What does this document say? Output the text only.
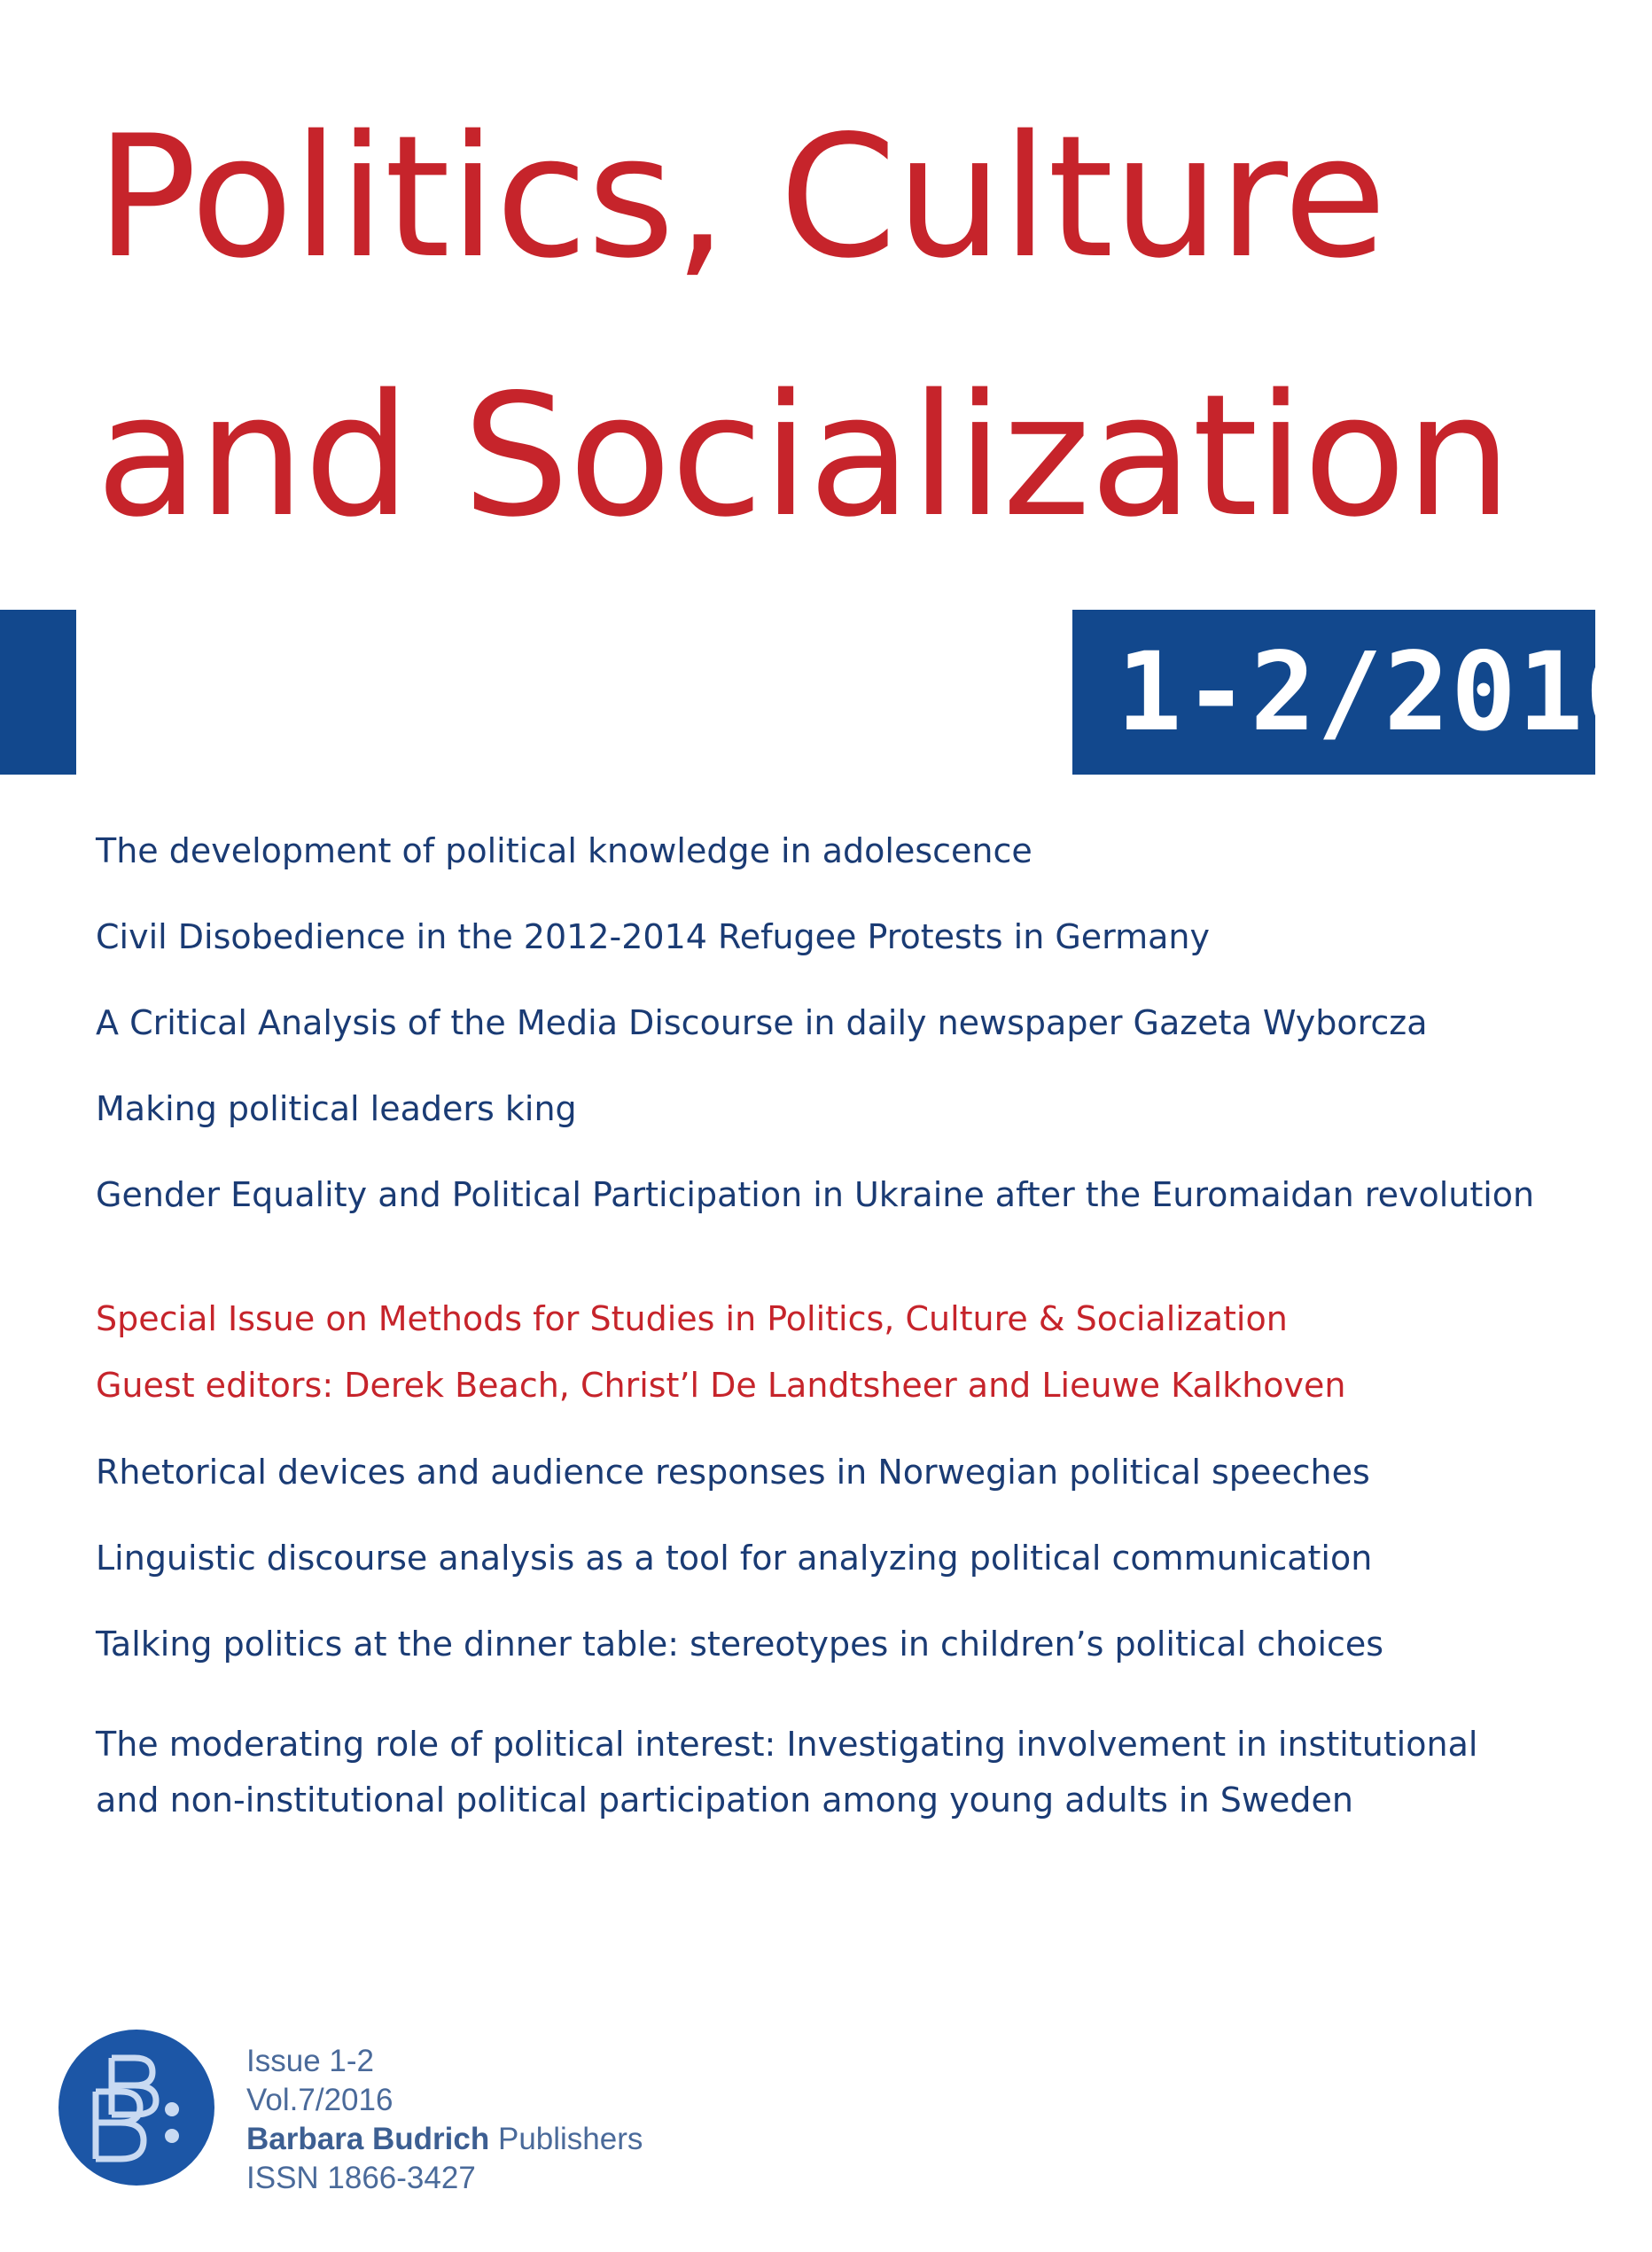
Politics, Culture
and Socialization
1-2/2016

The development of political knowledge in adolescence

Civil Disobedience in the 2012-2014 Refugee Protests in Germany

A Critical Analysis of the Media Discourse in daily newspaper Gazeta Wyborcza

Making political leaders king

Gender Equality and Political Participation in Ukraine after the Euromaidan revolution

Special Issue on Methods for Studies in Politics, Culture & Socialization

Guest editors: Derek Beach, Christ’l De Landtsheer and Lieuwe Kalkhoven

Rhetorical devices and audience responses in Norwegian political speeches

Linguistic discourse analysis as a tool for analyzing political communication

Talking politics at the dinner table: stereotypes in children’s political choices

The moderating role of political interest: Investigating involvement in institutional

and non-institutional political participation among young adults in Sweden

Issue 1-2
Vol.7/2016
Barbara Budrich Publishers
ISSN 1866-3427
